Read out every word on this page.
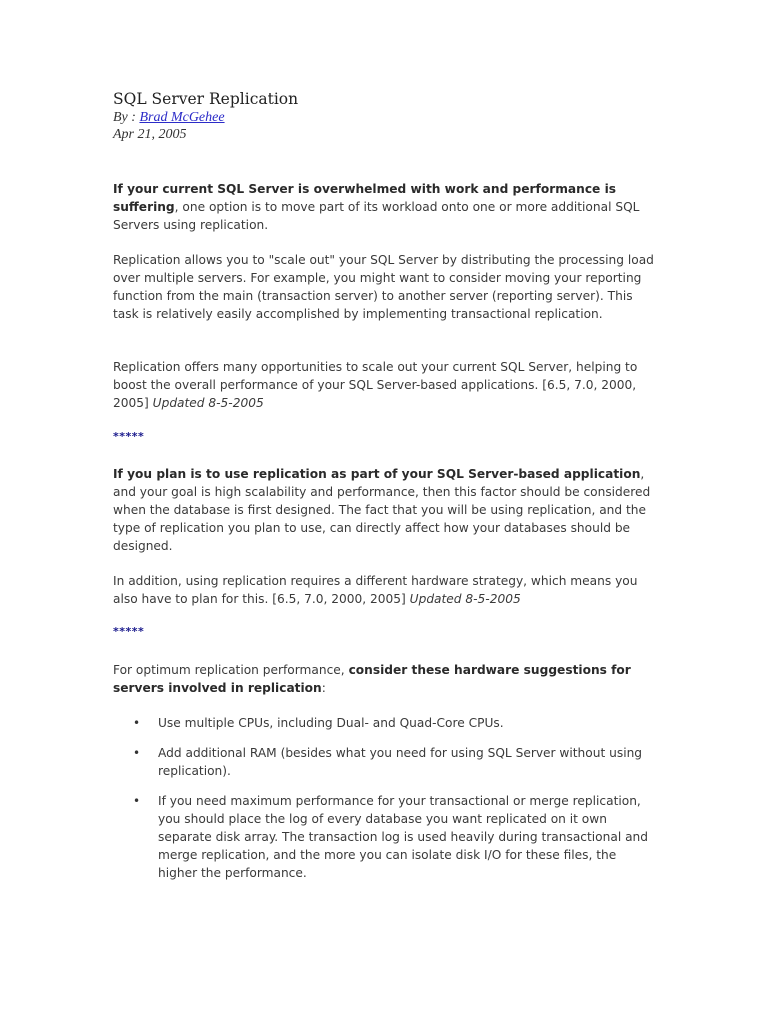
SQL Server Replication
By : Brad McGehee
Apr 21, 2005

If your current SQL Server is overwhelmed with work and performance is suffering, one option is to move part of its workload onto one or more additional SQL Servers using replication.

Replication allows you to "scale out" your SQL Server by distributing the processing load over multiple servers. For example, you might want to consider moving your reporting function from the main (transaction server) to another server (reporting server). This task is relatively easily accomplished by implementing transactional replication.

Replication offers many opportunities to scale out your current SQL Server, helping to boost the overall performance of your SQL Server-based applications. [6.5, 7.0, 2000, 2005] Updated 8-5-2005

*****

If you plan is to use replication as part of your SQL Server-based application, and your goal is high scalability and performance, then this factor should be considered when the database is first designed. The fact that you will be using replication, and the type of replication you plan to use, can directly affect how your databases should be designed.

In addition, using replication requires a different hardware strategy, which means you also have to plan for this. [6.5, 7.0, 2000, 2005] Updated 8-5-2005

*****

For optimum replication performance, consider these hardware suggestions for servers involved in replication:

• Use multiple CPUs, including Dual- and Quad-Core CPUs.
• Add additional RAM (besides what you need for using SQL Server without using replication).
• If you need maximum performance for your transactional or merge replication, you should place the log of every database you want replicated on it own separate disk array. The transaction log is used heavily during transactional and merge replication, and the more you can isolate disk I/O for these files, the higher the performance.
